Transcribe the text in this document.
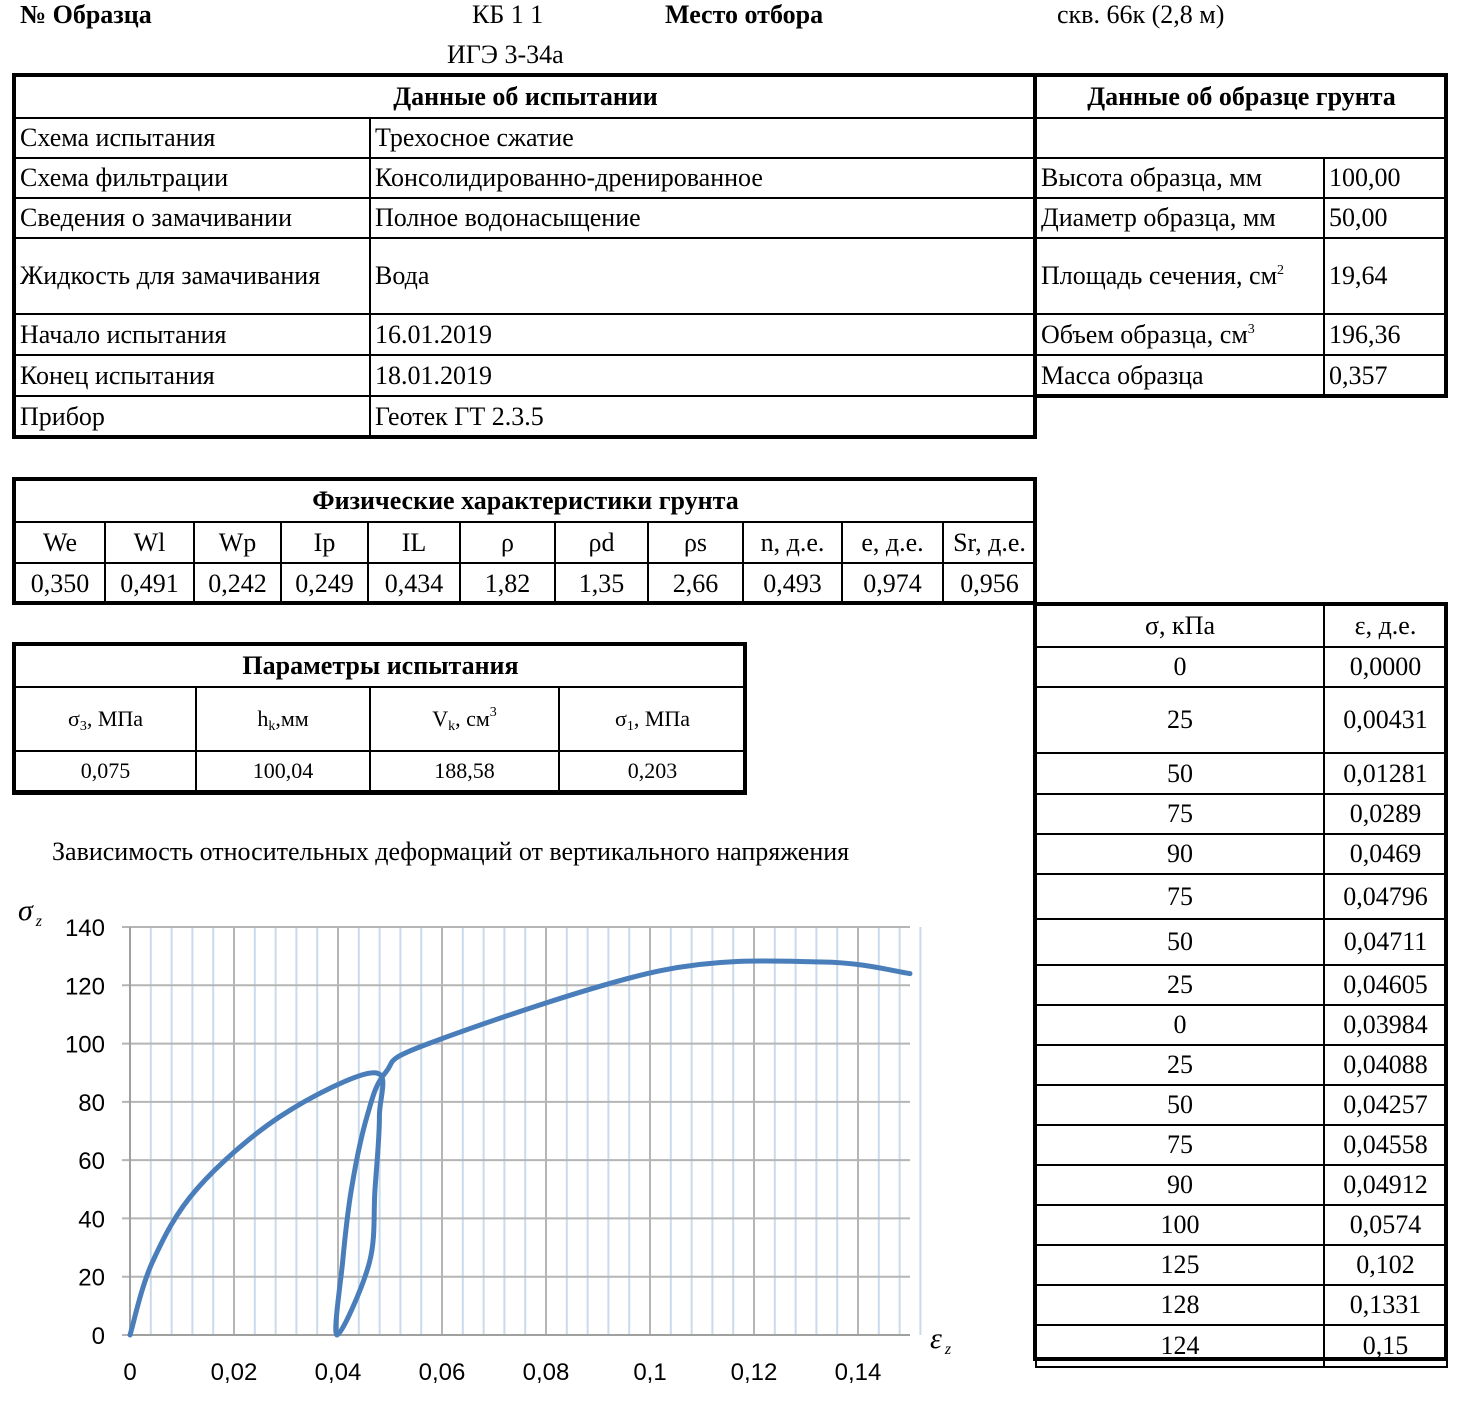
№ Образца	КБ 1 1
ИГЭ 3-34а
Место отбора	скв. 66к (2,8 м)
Данные об испытании	
Схема испытания	Трехосное сжатие
Схема фильтрации	Консолидированно-дренированное
Сведения о замачивании	Полное водонасыщение
Жидкость для замачивания	Вода
Начало испытания	16.01.2019
Конец испытания	18.01.2019
Прибор	Геотек ГТ 2.3.5
Данные об образце грунта	

Высота образца, мм	100,00
Диаметр образца, мм	50,00
Площадь сечения, $см^2$	19,64
Объем образца, $см^3$	196,36
Масса образца	0,357
Физические характеристики грунта										
We	Wl	Wp	Ip	IL	ρ	ρd	ρs	n, д.е.	e, д.е.	Sr, д.е.
0,350	0,491	0,242	0,249	0,434	1,82	1,35	2,66	0,493	0,974	0,956
Параметры испытания			
$\sigma_3$, МПа	$h_k,мм$	$V_k$, $см^3$	$\sigma_1$, МПа
0,075	100,04	188,58	0,203
σ, кПа	ε, д.е.
0	0,0000
25	0,00431
50	0,01281
75	0,0289
90	0,0469
75	0,04796
50	0,04711
25	0,04605
0	0,03984
25	0,04088
50	0,04257
75	0,04558
90	0,04912
100	0,0574
125	0,102
128	0,1331
124	0,15
Зависимость относительных деформаций от вертикального напряжения
0	0,02 0,04 0,06 0,08	0,1	0,12 0,14
0
20
40
60
80
100
120
140
σ $_z$
ε $_z$
